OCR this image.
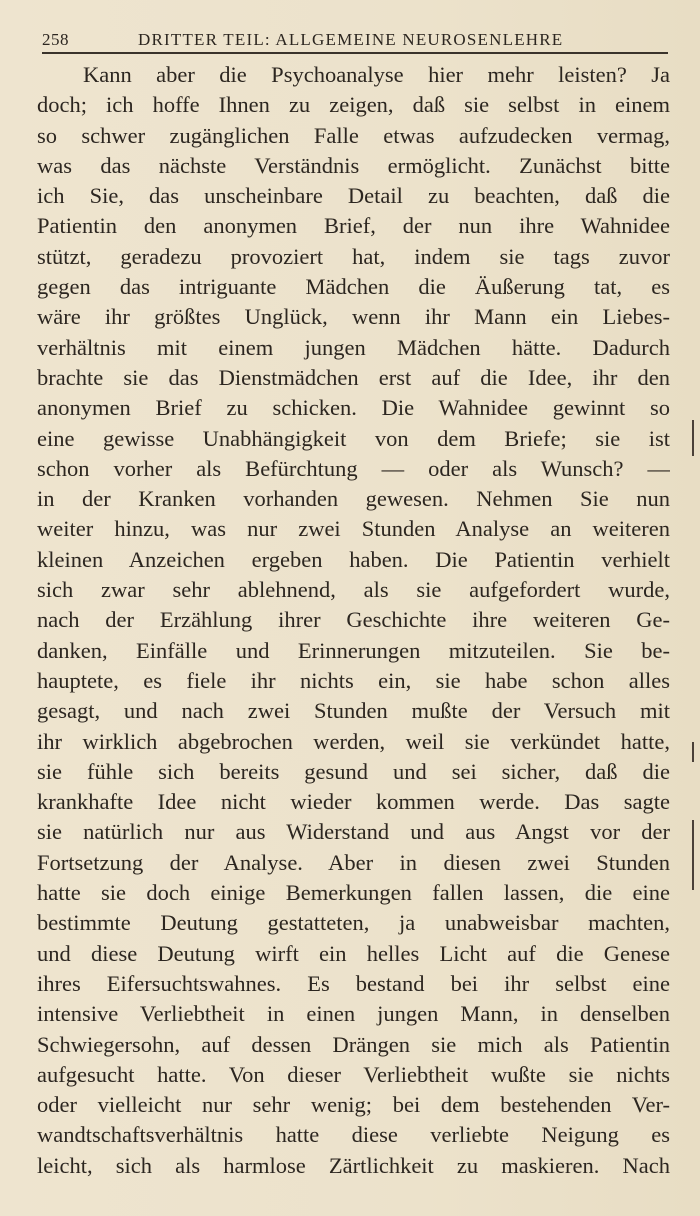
258	DRITTER TEIL: ALLGEMEINE NEUROSENLEHRE
Kann aber die Psychoanalyse hier mehr leisten? Ja
doch; ich hoffe Ihnen zu zeigen, daß sie selbst in einem
so schwer zugänglichen Falle etwas aufzudecken vermag,
was das nächste Verständnis ermöglicht. Zunächst bitte
ich Sie, das unscheinbare Detail zu beachten, daß die
Patientin den anonymen Brief, der nun ihre Wahnidee
stützt, geradezu provoziert hat, indem sie tags zuvor
gegen das intriguante Mädchen die Äußerung tat, es
wäre ihr größtes Unglück, wenn ihr Mann ein Liebes-
verhältnis mit einem jungen Mädchen hätte. Dadurch
brachte sie das Dienstmädchen erst auf die Idee, ihr den
anonymen Brief zu schicken. Die Wahnidee gewinnt so
eine gewisse Unabhängigkeit von dem Briefe; sie ist
schon vorher als Befürchtung — oder als Wunsch? —
in der Kranken vorhanden gewesen. Nehmen Sie nun
weiter hinzu, was nur zwei Stunden Analyse an weiteren
kleinen Anzeichen ergeben haben. Die Patientin verhielt
sich zwar sehr ablehnend, als sie aufgefordert wurde,
nach der Erzählung ihrer Geschichte ihre weiteren Ge-
danken, Einfälle und Erinnerungen mitzuteilen. Sie be-
hauptete, es fiele ihr nichts ein, sie habe schon alles
gesagt, und nach zwei Stunden mußte der Versuch mit
ihr wirklich abgebrochen werden, weil sie verkündet hatte,
sie fühle sich bereits gesund und sei sicher, daß die
krankhafte Idee nicht wieder kommen werde. Das sagte
sie natürlich nur aus Widerstand und aus Angst vor der
Fortsetzung der Analyse. Aber in diesen zwei Stunden
hatte sie doch einige Bemerkungen fallen lassen, die eine
bestimmte Deutung gestatteten, ja unabweisbar machten,
und diese Deutung wirft ein helles Licht auf die Genese
ihres Eifersuchtswahnes. Es bestand bei ihr selbst eine
intensive Verliebtheit in einen jungen Mann, in denselben
Schwiegersohn, auf dessen Drängen sie mich als Patientin
aufgesucht hatte. Von dieser Verliebtheit wußte sie nichts
oder vielleicht nur sehr wenig; bei dem bestehenden Ver-
wandtschaftsverhältnis hatte diese verliebte Neigung es
leicht, sich als harmlose Zärtlichkeit zu maskieren. Nach
